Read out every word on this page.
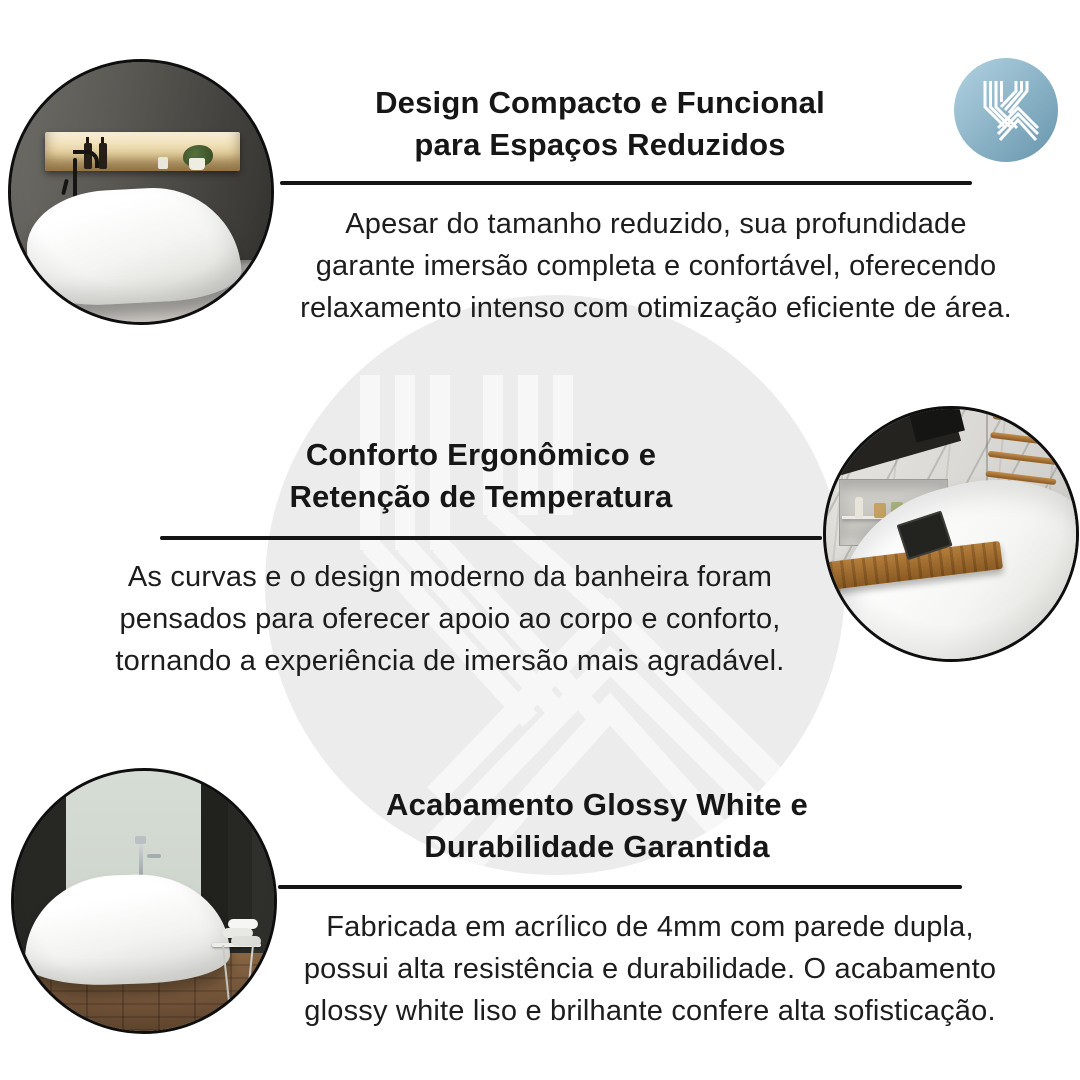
Design Compacto e Funcional
para Espaços Reduzidos
Apesar do tamanho reduzido, sua profundidade
garante imersão completa e confortável, oferecendo
relaxamento intenso com otimização eficiente de área.
Conforto Ergonômico e
Retenção de Temperatura
As curvas e o design moderno da banheira foram
pensados para oferecer apoio ao corpo e conforto,
tornando a experiência de imersão mais agradável.
Acabamento Glossy White e
Durabilidade Garantida
Fabricada em acrílico de 4mm com parede dupla,
possui alta resistência e durabilidade. O acabamento
glossy white liso e brilhante confere alta sofisticação.
